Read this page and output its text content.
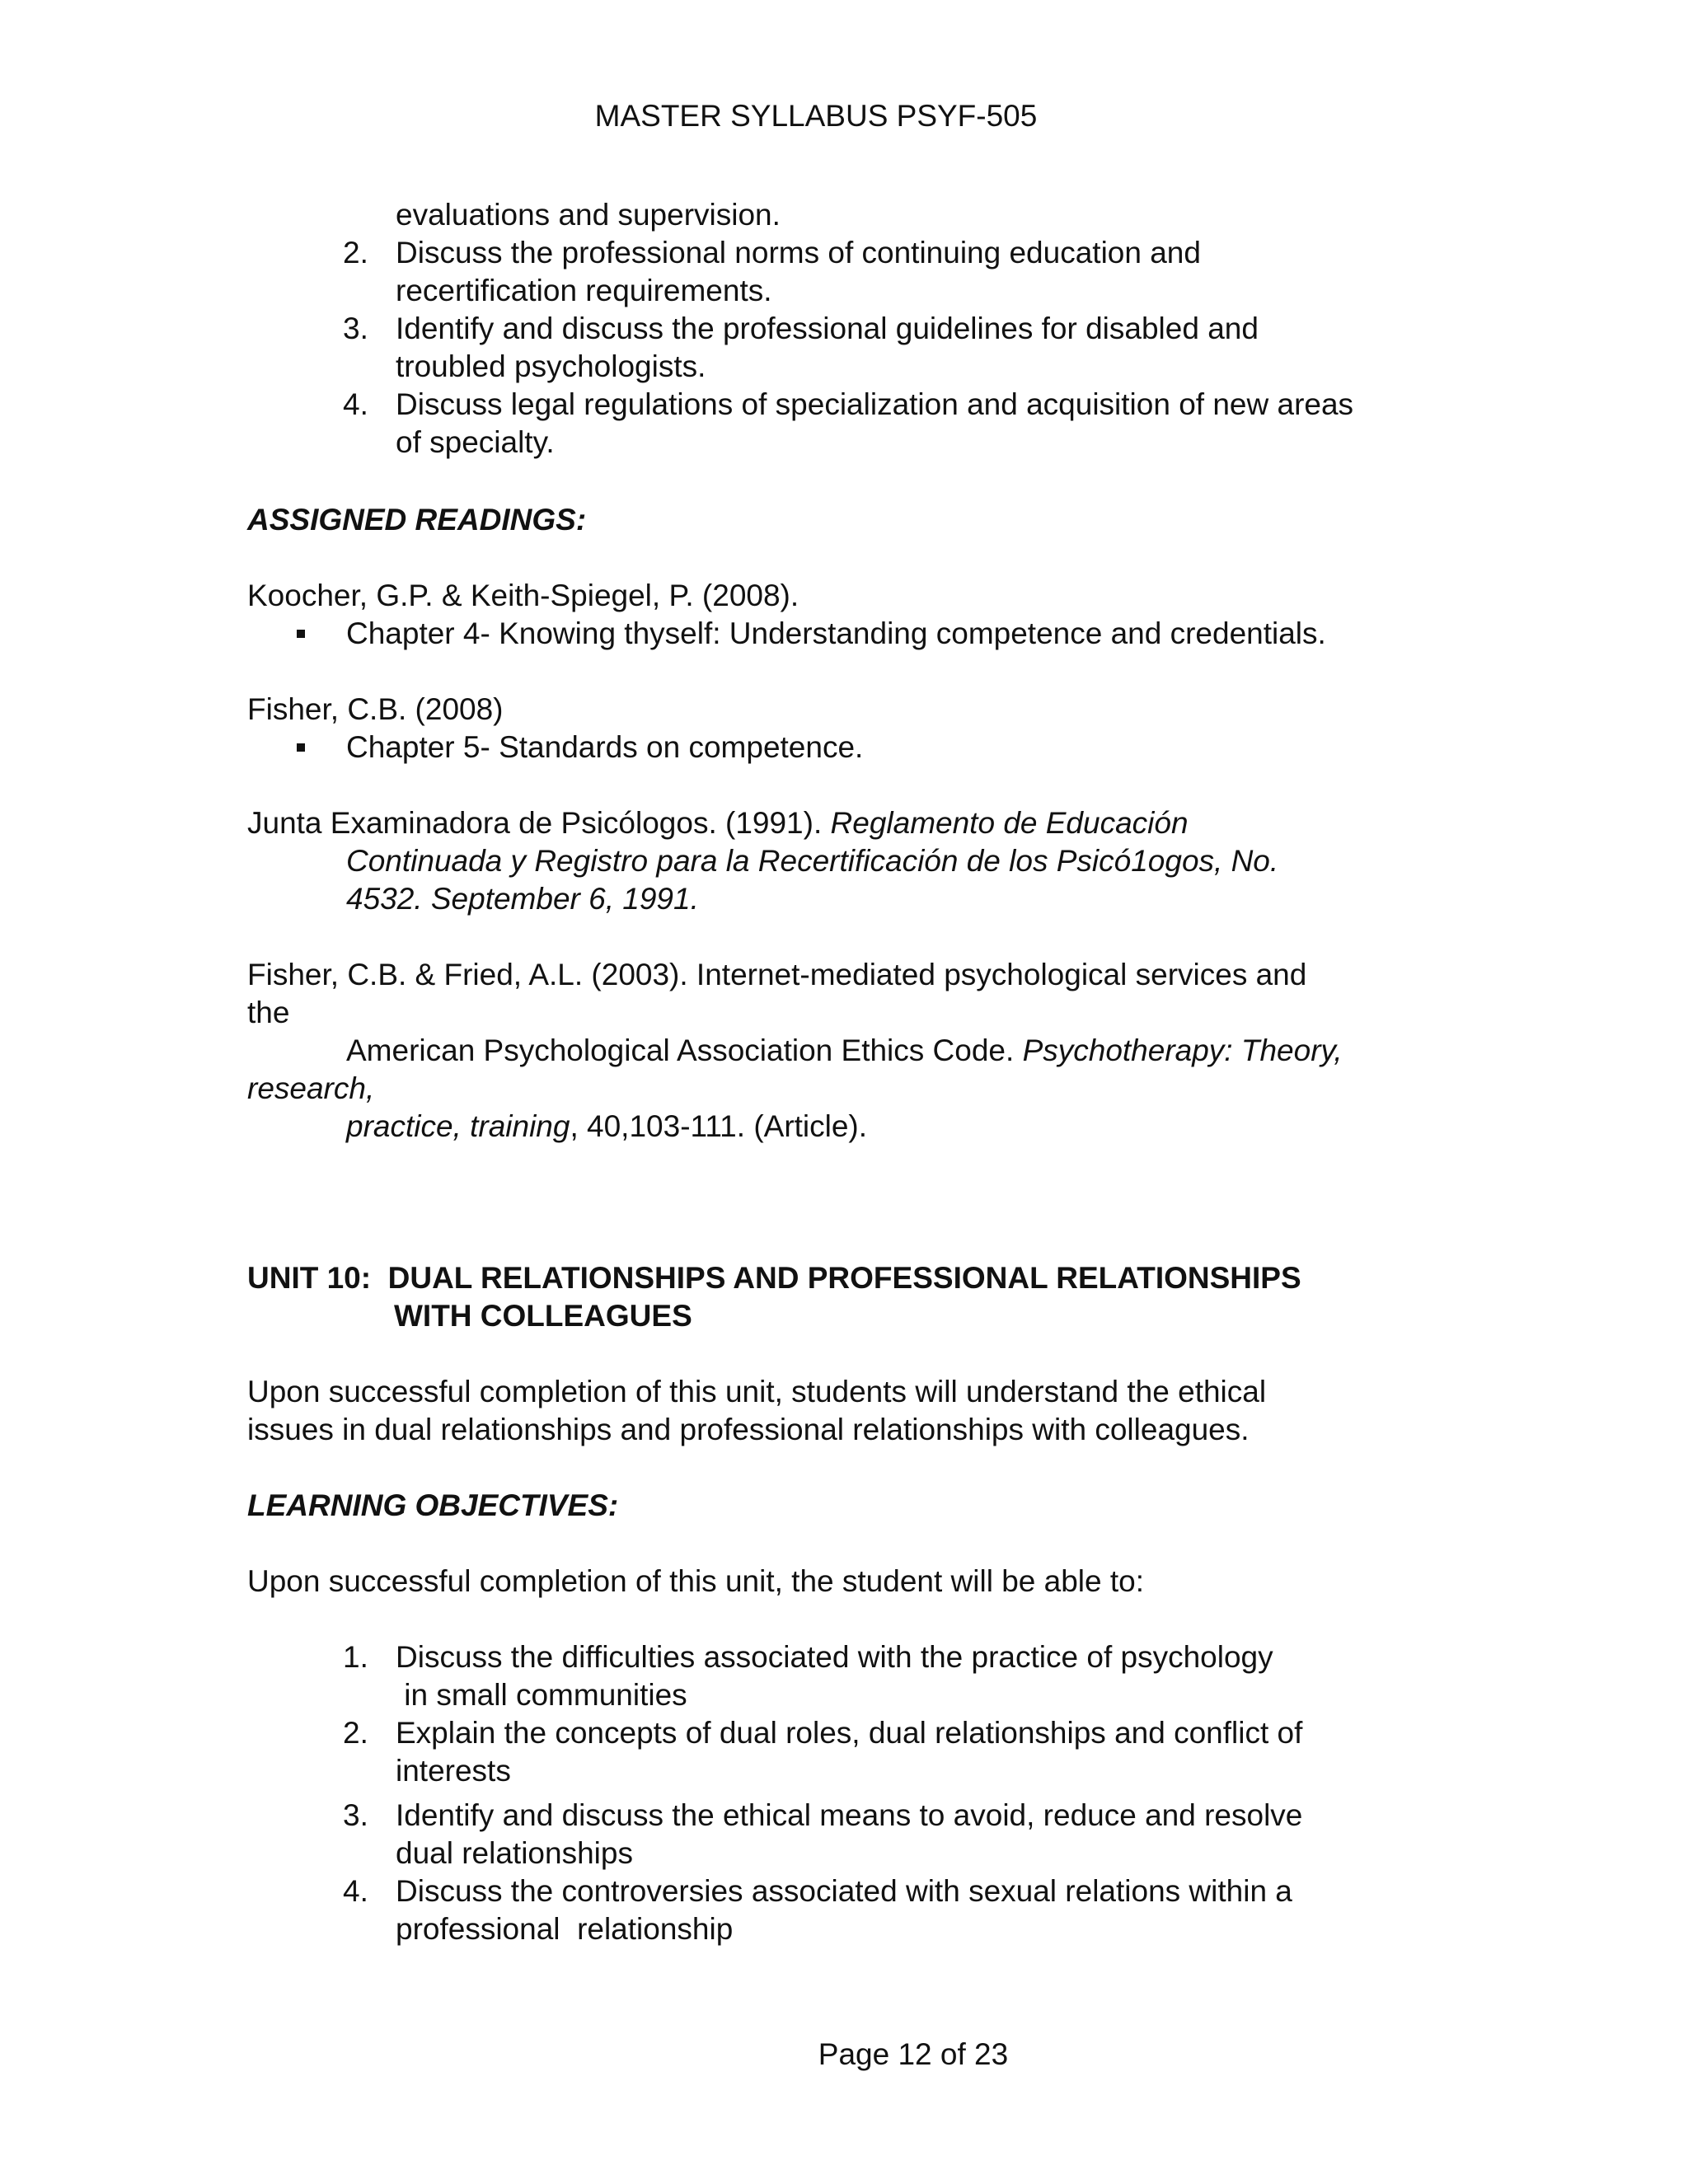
MASTER SYLLABUS PSYF-505
evaluations and supervision.
2. Discuss the professional norms of continuing education and
recertification requirements.
3. Identify and discuss the professional guidelines for disabled and
troubled psychologists.
4. Discuss legal regulations of specialization and acquisition of new areas
of specialty.
ASSIGNED READINGS:
Koocher, G.P. & Keith-Spiegel, P. (2008).
Chapter 4- Knowing thyself: Understanding competence and credentials.
Fisher, C.B. (2008)
Chapter 5- Standards on competence.
Junta Examinadora de Psicólogos. (1991). Reglamento de Educación
Continuada y Registro para la Recertificación de los Psicó1ogos, No.
4532. September 6, 1991.
Fisher, C.B. & Fried, A.L. (2003). Internet-mediated psychological services and
the
American Psychological Association Ethics Code. Psychotherapy: Theory,
research,
practice, training, 40,103-111. (Article).
UNIT 10:  DUAL RELATIONSHIPS AND PROFESSIONAL RELATIONSHIPS
WITH COLLEAGUES
Upon successful completion of this unit, students will understand the ethical
issues in dual relationships and professional relationships with colleagues.
LEARNING OBJECTIVES:
Upon successful completion of this unit, the student will be able to:
1. Discuss the difficulties associated with the practice of psychology
in small communities
2. Explain the concepts of dual roles, dual relationships and conflict of
interests
3. Identify and discuss the ethical means to avoid, reduce and resolve
dual relationships
4. Discuss the controversies associated with sexual relations within a
professional  relationship
Page 12 of 23
